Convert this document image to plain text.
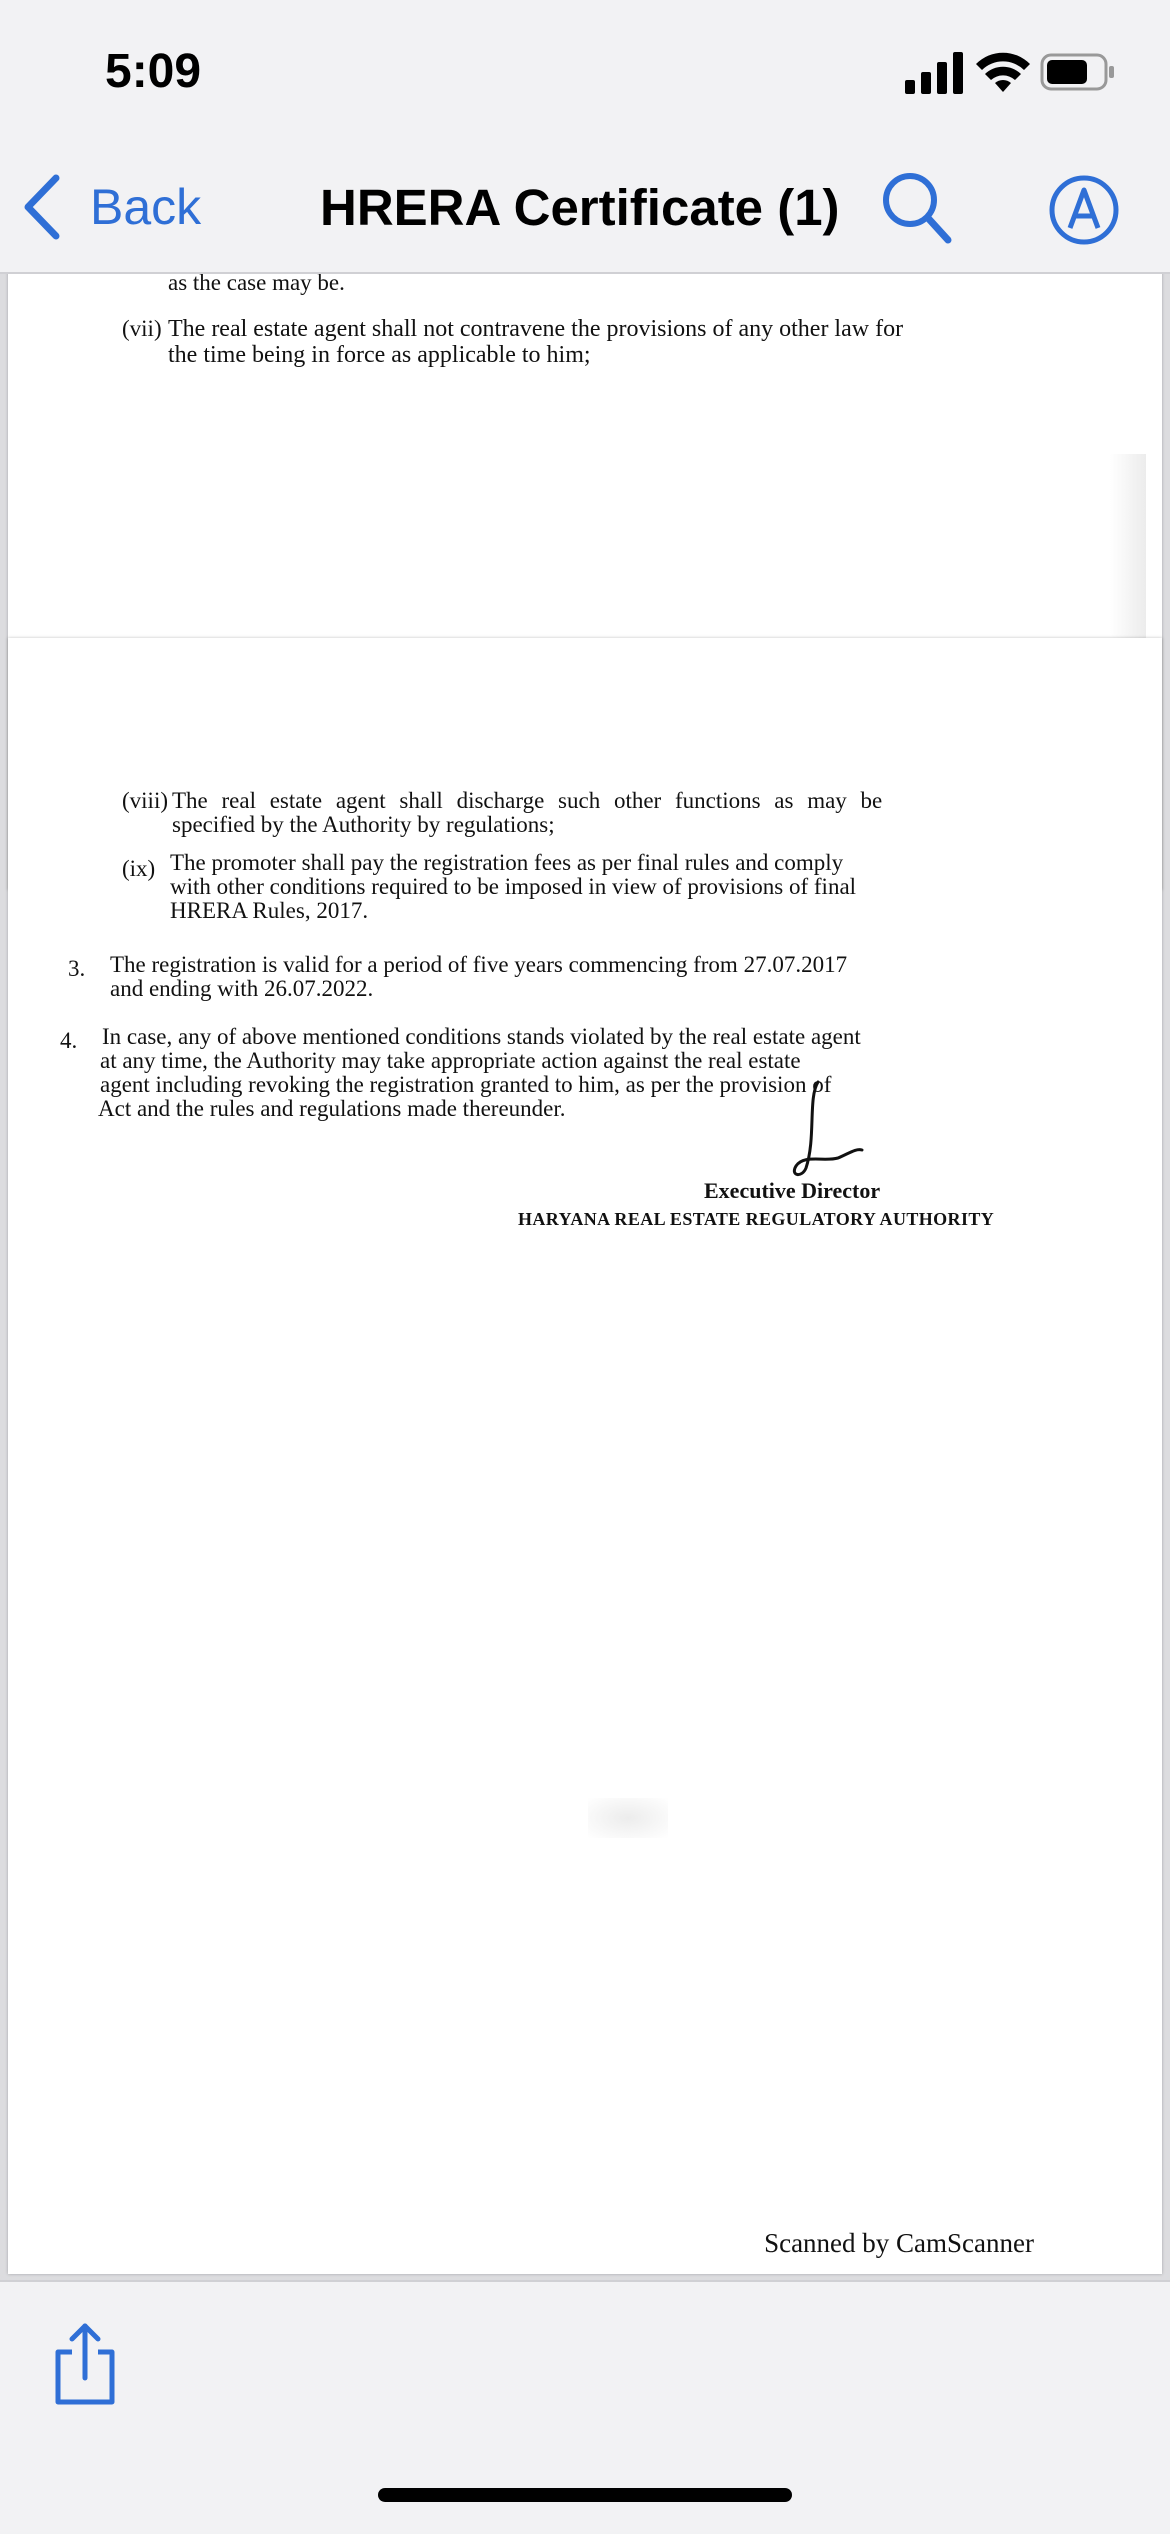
5:09
Back HRERA Certificate (1)
as the case may be.
(vii) The real estate agent shall not contravene the provisions of any other law for
the time being in force as applicable to him;
(viii) The real estate agent shall discharge such other functions as may be
specified by the Authority by regulations;
(ix) The promoter shall pay the registration fees as per final rules and comply
with other conditions required to be imposed in view of provisions of final
HRERA Rules, 2017.
3. The registration is valid for a period of five years commencing from 27.07.2017
and ending with 26.07.2022.
4. In case, any of above mentioned conditions stands violated by the real estate agent
at any time, the Authority may take appropriate action against the real estate
agent including revoking the registration granted to him, as per the provision of
Act and the rules and regulations made thereunder.
Executive Director
HARYANA REAL ESTATE REGULATORY AUTHORITY
Scanned by CamScanner
